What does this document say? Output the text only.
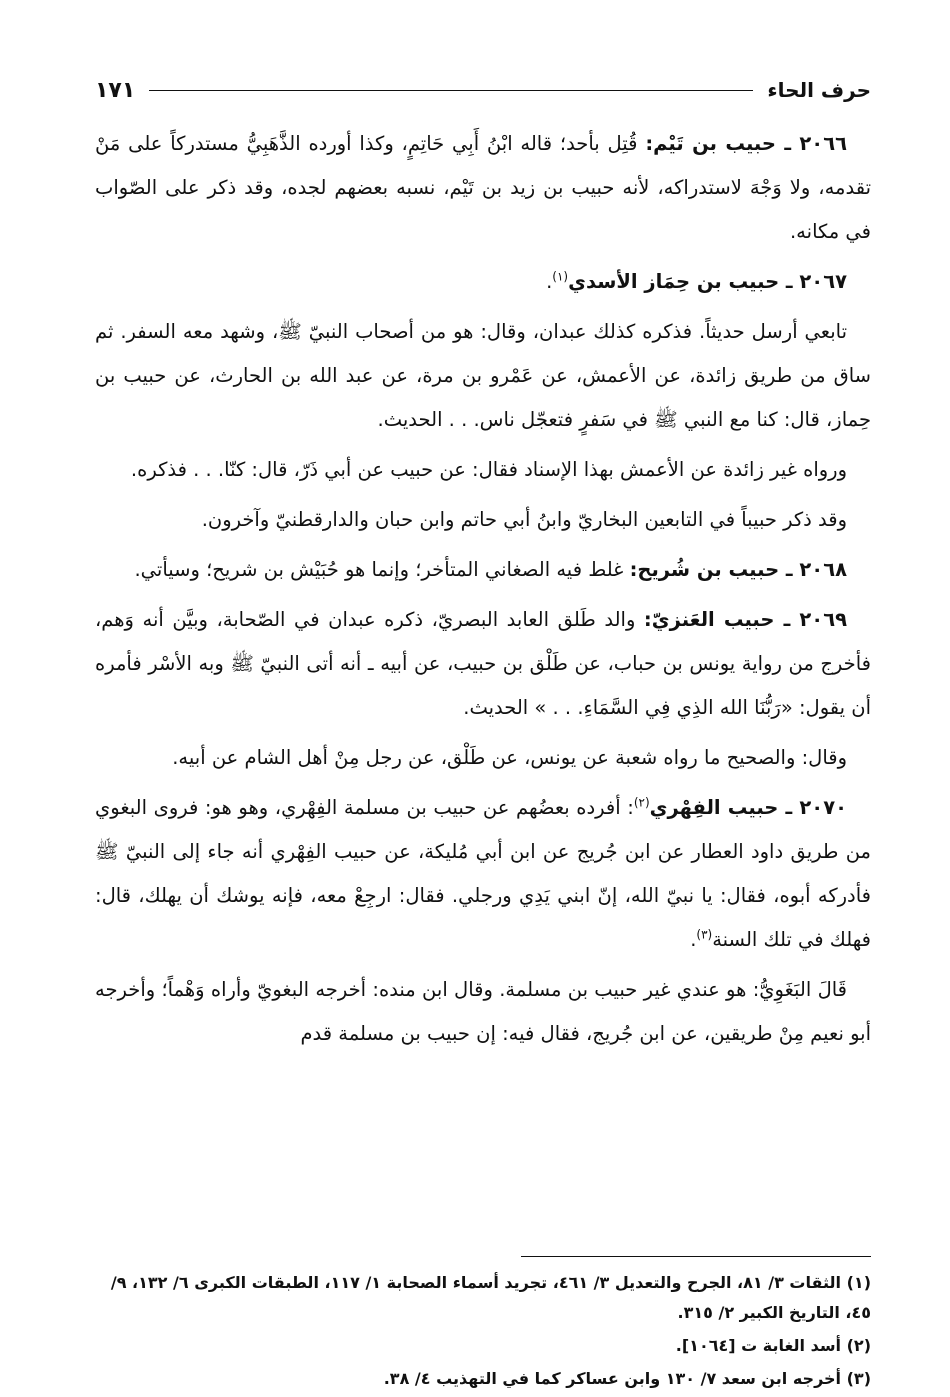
حرف الحاء
١٧١

٢٠٦٦ ـ حبيب بن تَيْم: قُتِل بأحد؛ قاله ابْنُ أَبِي حَاتِمٍ، وكذا أورده الذَّهَبِيُّ مستدركاً على مَنْ تقدمه، ولا وَجْهَ لاستدراكه، لأنه حبيب بن زيد بن تَيْم، نسبه بعضهم لجده، وقد ذكر على الصّواب في مكانه.

٢٠٦٧ ـ حبيب بن حِمَاز الأسدي$^{(١)}$.

تابعي أرسل حديثاً. فذكره كذلك عبدان، وقال: هو من أصحاب النبيّ ﷺ، وشهد معه السفر. ثم ساق من طريق زائدة، عن الأعمش، عن عَمْرو بن مرة، عن عبد الله بن الحارث، عن حبيب بن حِماز، قال: كنا مع النبي ﷺ في سَفرٍ فتعجّل ناس. . . الحديث.

ورواه غير زائدة عن الأعمش بهذا الإسناد فقال: عن حبيب عن أبي ذَرّ، قال: كنّا. . . فذكره.

وقد ذكر حبيباً في التابعين البخاريّ وابنُ أبي حاتم وابن حبان والدارقطنيّ وآخرون.

٢٠٦٨ ـ حبيب بن شُريح: غلط فيه الصغاني المتأخر؛ وإنما هو حُبَيْش بن شريح؛ وسيأتي.

٢٠٦٩ ـ حبيب العَنزيّ: والد طَلق العابد البصريّ، ذكره عبدان في الصّحابة، وبيَّن أنه وَهم، فأخرج من رواية يونس بن حباب، عن طَلْق بن حبيب، عن أبيه ـ أنه أتى النبيّ ﷺ وبه الأسْر فأمره أن يقول: «رَبُّنَا الله الذِي فِي السَّمَاءِ. . . » الحديث.

وقال: والصحيح ما رواه شعبة عن يونس، عن طَلْق، عن رجل مِنْ أهل الشام عن أبيه.

٢٠٧٠ ـ حبيب الفِهْري$^{(٢)}$: أفرده بعضُهم عن حبيب بن مسلمة الفِهْري، وهو هو: فروى البغوي من طريق داود العطار عن ابن جُريج عن ابن أبي مُليكة، عن حبيب الفِهْري أنه جاء إلى النبيّ ﷺ فأدركه أبوه، فقال: يا نبيّ الله، إنّ ابني يَدِي ورجلي. فقال: ارجِعْ معه، فإنه يوشك أن يهلك، قال: فهلك في تلك السنة$^{(٣)}$.

قَالَ البَغَوِيُّ: هو عندي غير حبيب بن مسلمة. وقال ابن منده: أخرجه البغويّ وأراه وَهْماً؛ وأخرجه أبو نعيم مِنْ طريقين، عن ابن جُريج، فقال فيه: إن حبيب بن مسلمة قدم

(١) الثقات ٣/ ٨١، الجرح والتعديل ٣/ ٤٦١، تجريد أسماء الصحابة ١/ ١١٧، الطبقات الكبرى ٦/ ١٣٢، ٩/ ٤٥، التاريخ الكبير ٢/ ٣١٥.
(٢) أسد الغابة ت [١٠٦٤].
(٣) أخرجه ابن سعد ٧/ ١٣٠ وابن عساكر كما في التهذيب ٤/ ٣٨.
